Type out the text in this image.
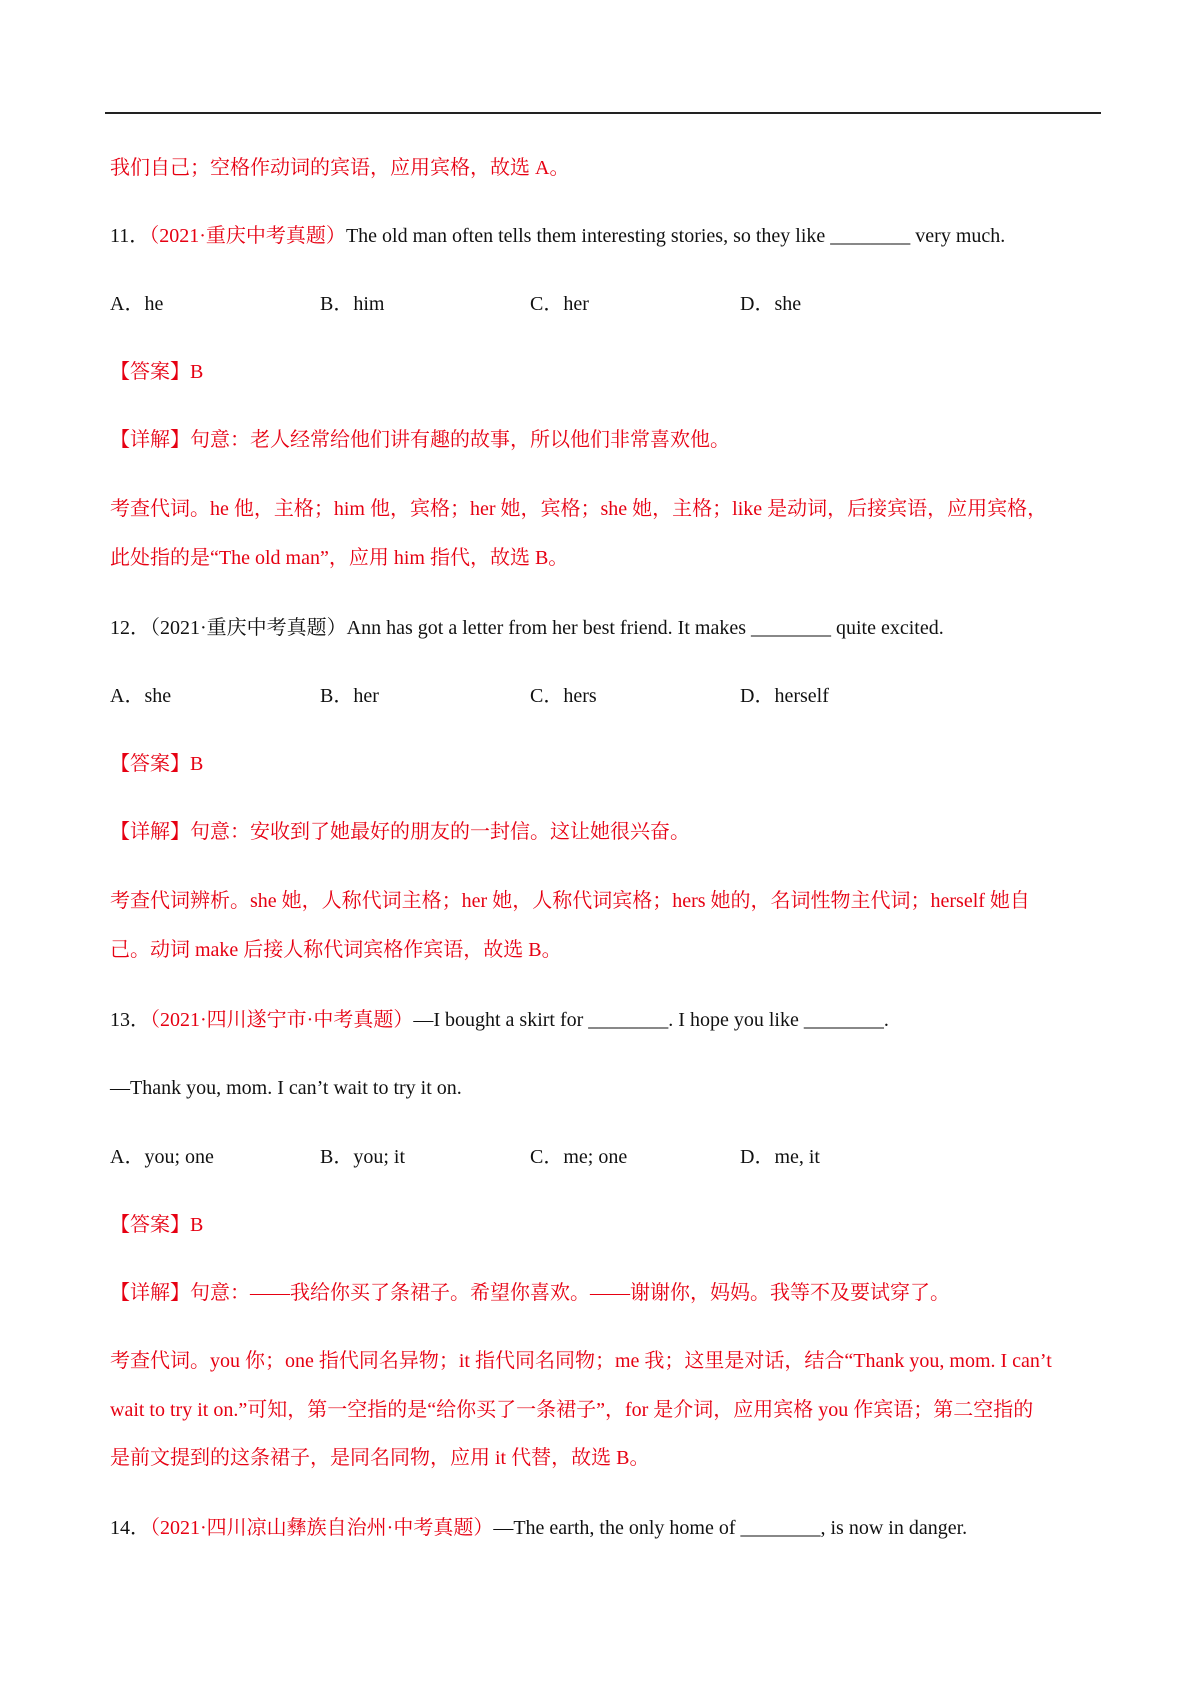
我们自己；空格作动词的宾语，应用宾格，故选 A。
11．（2021·重庆中考真题）The old man often tells them interesting stories, so they like ________ very much.
A．he	B．him	C．her	D．she
【答案】B
【详解】句意：老人经常给他们讲有趣的故事，所以他们非常喜欢他。
考查代词。he 他，主格；him 他，宾格；her 她，宾格；she 她，主格；like 是动词，后接宾语，应用宾格，
此处指的是“The old man”，应用 him 指代，故选 B。
12．（2021·重庆中考真题）Ann has got a letter from her best friend. It makes ________ quite excited.
A．she	B．her	C．hers	D．herself
【答案】B
【详解】句意：安收到了她最好的朋友的一封信。这让她很兴奋。
考查代词辨析。she 她，人称代词主格；her 她，人称代词宾格；hers 她的，名词性物主代词；herself 她自
己。动词 make 后接人称代词宾格作宾语，故选 B。
13．（2021·四川遂宁市·中考真题）—I bought a skirt for ________. I hope you like ________.
—Thank you, mom. I can’t wait to try it on.
A．you; one	B．you; it	C．me; one	D．me, it
【答案】B
【详解】句意：——我给你买了条裙子。希望你喜欢。——谢谢你，妈妈。我等不及要试穿了。
考查代词。you 你；one 指代同名异物；it 指代同名同物；me 我；这里是对话，结合“Thank you, mom. I can’t
wait to try it on.”可知，第一空指的是“给你买了一条裙子”，for 是介词，应用宾格 you 作宾语；第二空指的
是前文提到的这条裙子，是同名同物，应用 it 代替，故选 B。
14．（2021·四川凉山彝族自治州·中考真题）—The earth, the only home of ________, is now in danger.
